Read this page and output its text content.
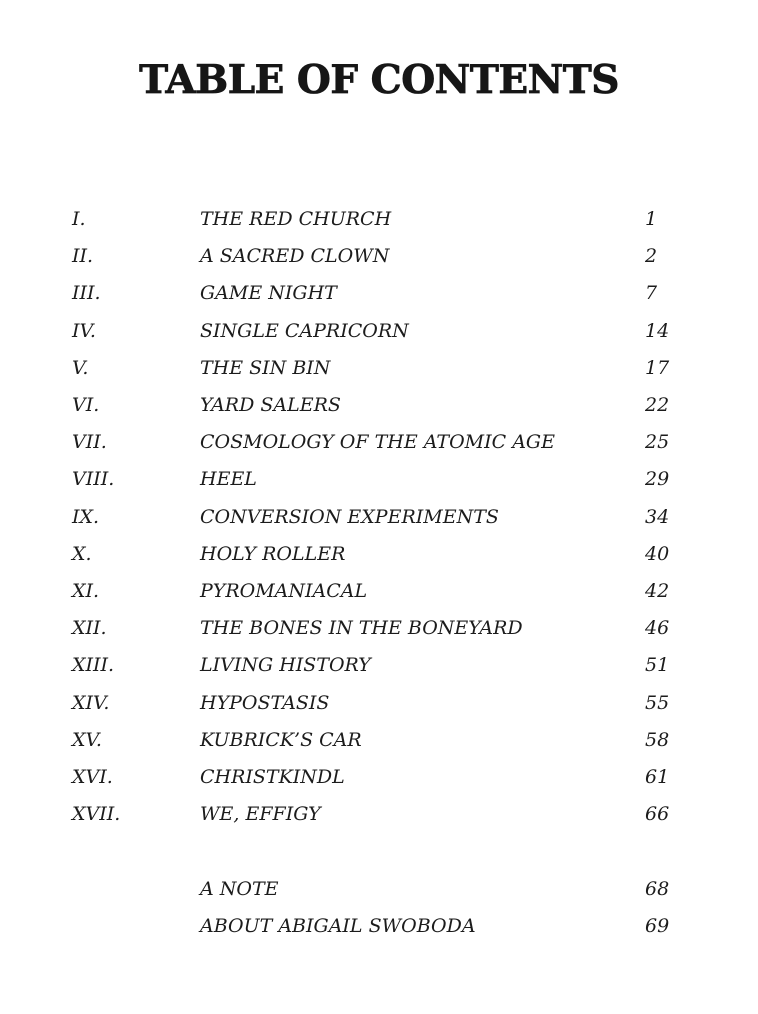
TABLE OF CONTENTS
I.	THE RED CHURCH	1
II.	A SACRED CLOWN	2
III.	GAME NIGHT	7
IV.	SINGLE CAPRICORN	14
V.	THE SIN BIN	17
VI.	YARD SALERS	22
VII.	COSMOLOGY OF THE ATOMIC AGE	25
VIII.	HEEL	29
IX.	CONVERSION EXPERIMENTS	34
X.	HOLY ROLLER	40
XI.	PYROMANIACAL	42
XII.	THE BONES IN THE BONEYARD	46
XIII.	LIVING HISTORY	51
XIV.	HYPOSTASIS	55
XV.	KUBRICK’S CAR	58
XVI.	CHRISTKINDL	61
XVII.	WE, EFFIGY	66
A NOTE	68
ABOUT ABIGAIL SWOBODA	69
